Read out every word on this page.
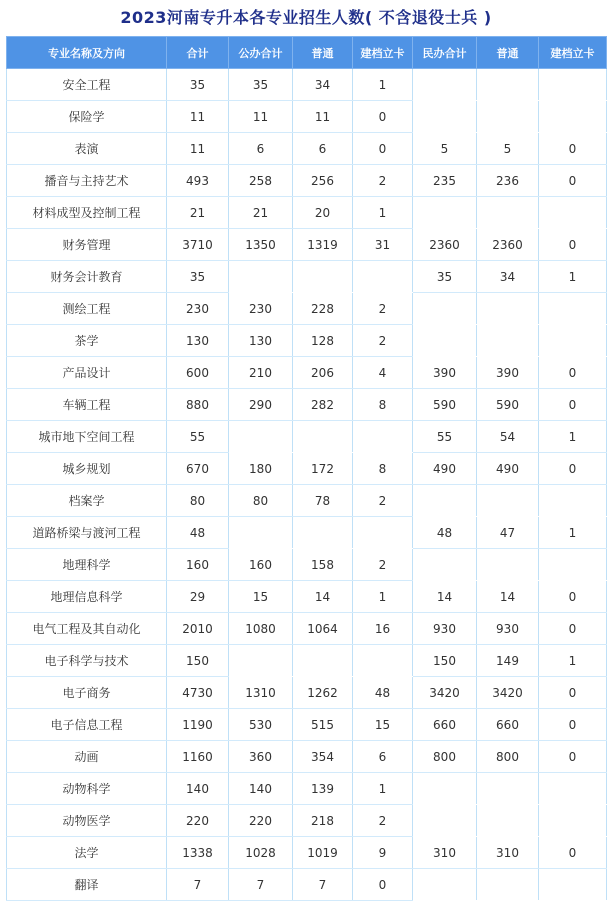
2023河南专升本各专业招生人数( 不含退役士兵 )
专业名称及方向	合计	公办合计	普通	建档立卡	民办合计	普通	建档立卡
安全工程	35	35	34	1			
保险学	11	11	11	0			
表演	11	6	6	0	5	5	0
播音与主持艺术	493	258	256	2	235	236	0
材料成型及控制工程	21	21	20	1			
财务管理	3710	1350	1319	31	2360	2360	0
财务会计教育	35				35	34	1
测绘工程	230	230	228	2			
茶学	130	130	128	2			
产品设计	600	210	206	4	390	390	0
车辆工程	880	290	282	8	590	590	0
城市地下空间工程	55				55	54	1
城乡规划	670	180	172	8	490	490	0
档案学	80	80	78	2			
道路桥梁与渡河工程	48				48	47	1
地理科学	160	160	158	2			
地理信息科学	29	15	14	1	14	14	0
电气工程及其自动化	2010	1080	1064	16	930	930	0
电子科学与技术	150				150	149	1
电子商务	4730	1310	1262	48	3420	3420	0
电子信息工程	1190	530	515	15	660	660	0
动画	1160	360	354	6	800	800	0
动物科学	140	140	139	1			
动物医学	220	220	218	2			
法学	1338	1028	1019	9	310	310	0
翻译	7	7	7	0			
